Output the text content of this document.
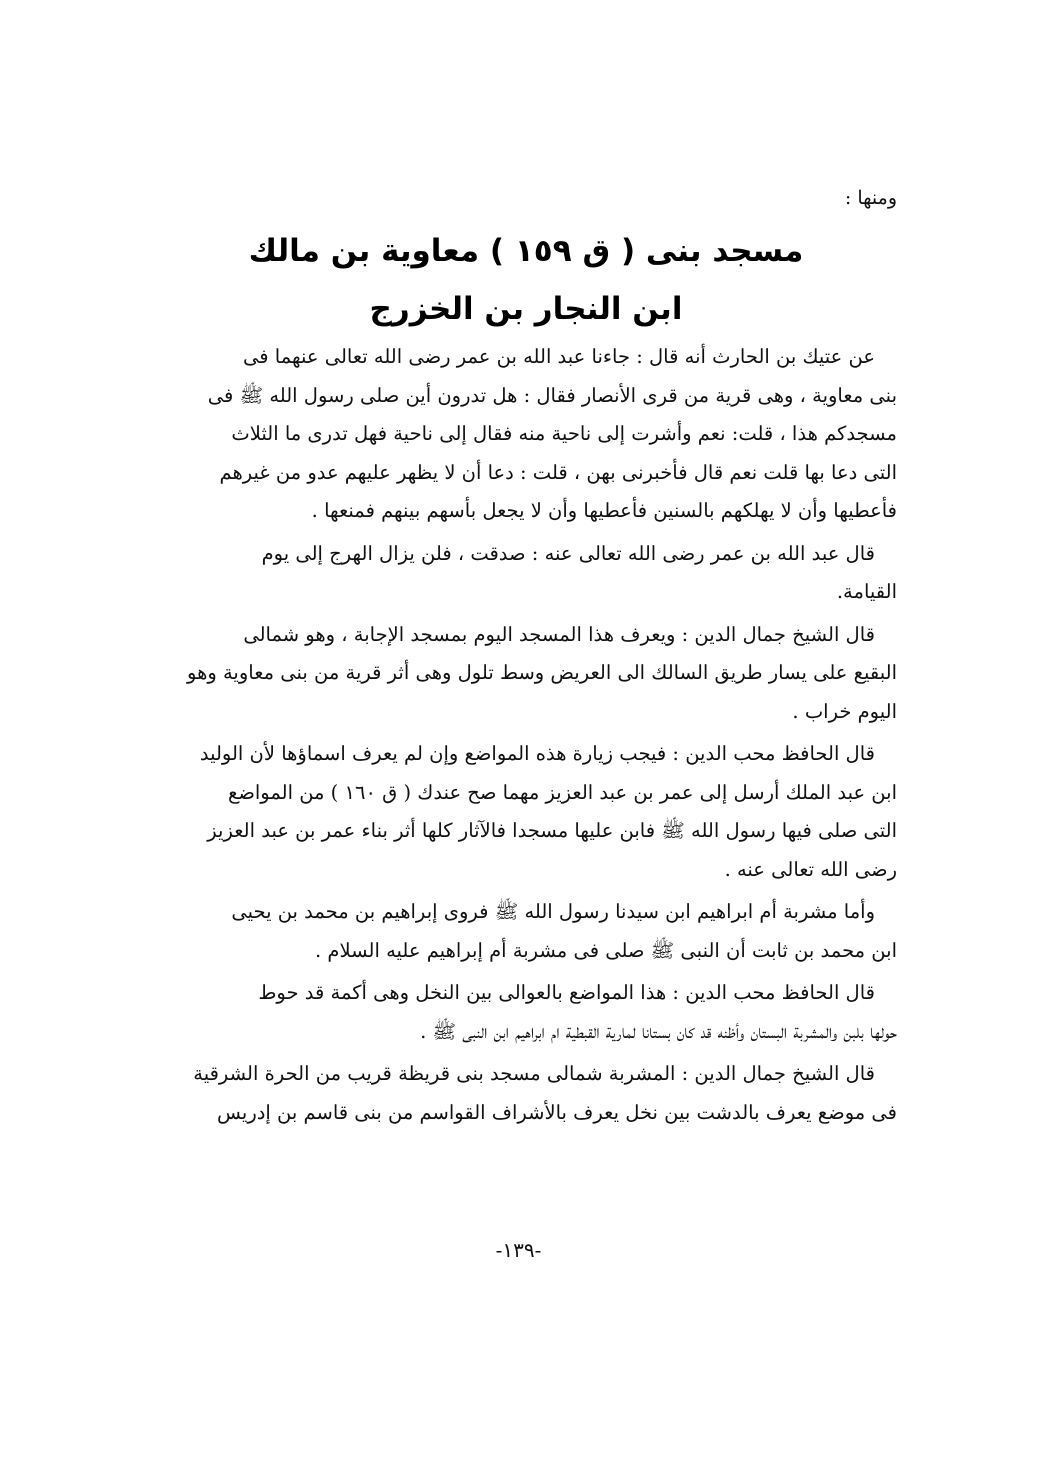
ومنها :
مسجد بنى ( ق ١٥٩ ) معاوية بن مالك
ابن النجار بن الخزرج
عن عتيك بن الحارث أنه قال : جاءنا عبد الله بن عمر رضى الله تعالى عنهما فى
بنى معاوية ، وهى قرية من قرى الأنصار فقال : هل تدرون أين صلى رسول الله ﷺ فى
مسجدكم هذا ، قلت: نعم وأشرت إلى ناحية منه فقال إلى ناحية فهل تدرى ما الثلاث
التى دعا بها قلت نعم قال فأخبرنى بهن ، قلت : دعا أن لا يظهر عليهم عدو من غيرهم
فأعطيها وأن لا يهلكهم بالسنين فأعطيها وأن لا يجعل بأسهم بينهم فمنعها .
قال عبد الله بن عمر رضى الله تعالى عنه : صدقت ، فلن يزال الهرج إلى يوم
القيامة.
قال الشيخ جمال الدين : ويعرف هذا المسجد اليوم بمسجد الإجابة ، وهو شمالى
البقيع على يسار طريق السالك الى العريض وسط تلول وهى أثر قرية من بنى معاوية وهو
اليوم خراب .
قال الحافظ محب الدين : فيجب زيارة هذه المواضع وإن لم يعرف اسماؤها لأن الوليد
ابن عبد الملك أرسل إلى عمر بن عبد العزيز مهما صح عندك ( ق ١٦٠ ) من المواضع
التى صلى فيها رسول الله ﷺ فابن عليها مسجدا فالآثار كلها أثر بناء عمر بن عبد العزيز
رضى الله تعالى عنه .
وأما مشربة أم ابراهيم ابن سيدنا رسول الله ﷺ فروى إبراهيم بن محمد بن يحيى
ابن محمد بن ثابت أن النبى ﷺ صلى فى مشربة أم إبراهيم عليه السلام .
قال الحافظ محب الدين : هذا المواضع بالعوالى بين النخل وهى أكمة قد حوط
حولها بلبن والمشربة البستان وأظنه قد كان بستانا لمارية القبطية ام ابراهيم ابن النبى ﷺ .
قال الشيخ جمال الدين : المشربة شمالى مسجد بنى قريظة قريب من الحرة الشرقية
فى موضع يعرف بالدشت بين نخل يعرف بالأشراف القواسم من بنى قاسم بن إدريس
-١٣٩-
